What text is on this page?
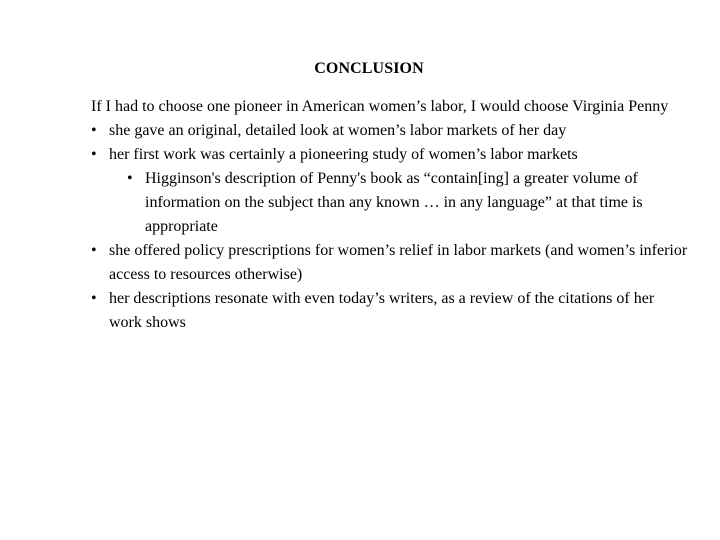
CONCLUSION

If I had to choose one pioneer in American women’s labor, I would choose Virginia Penny

• she gave an original, detailed look at women’s labor markets of her day
• her first work was certainly a pioneering study of women’s labor markets
• Higginson's description of Penny's book as “contain[ing] a greater volume of information on the subject than any known … in any language” at that time is appropriate
• she offered policy prescriptions for women’s relief in labor markets (and women’s inferior access to resources otherwise)
• her descriptions resonate with even today’s writers, as a review of the citations of her work shows
